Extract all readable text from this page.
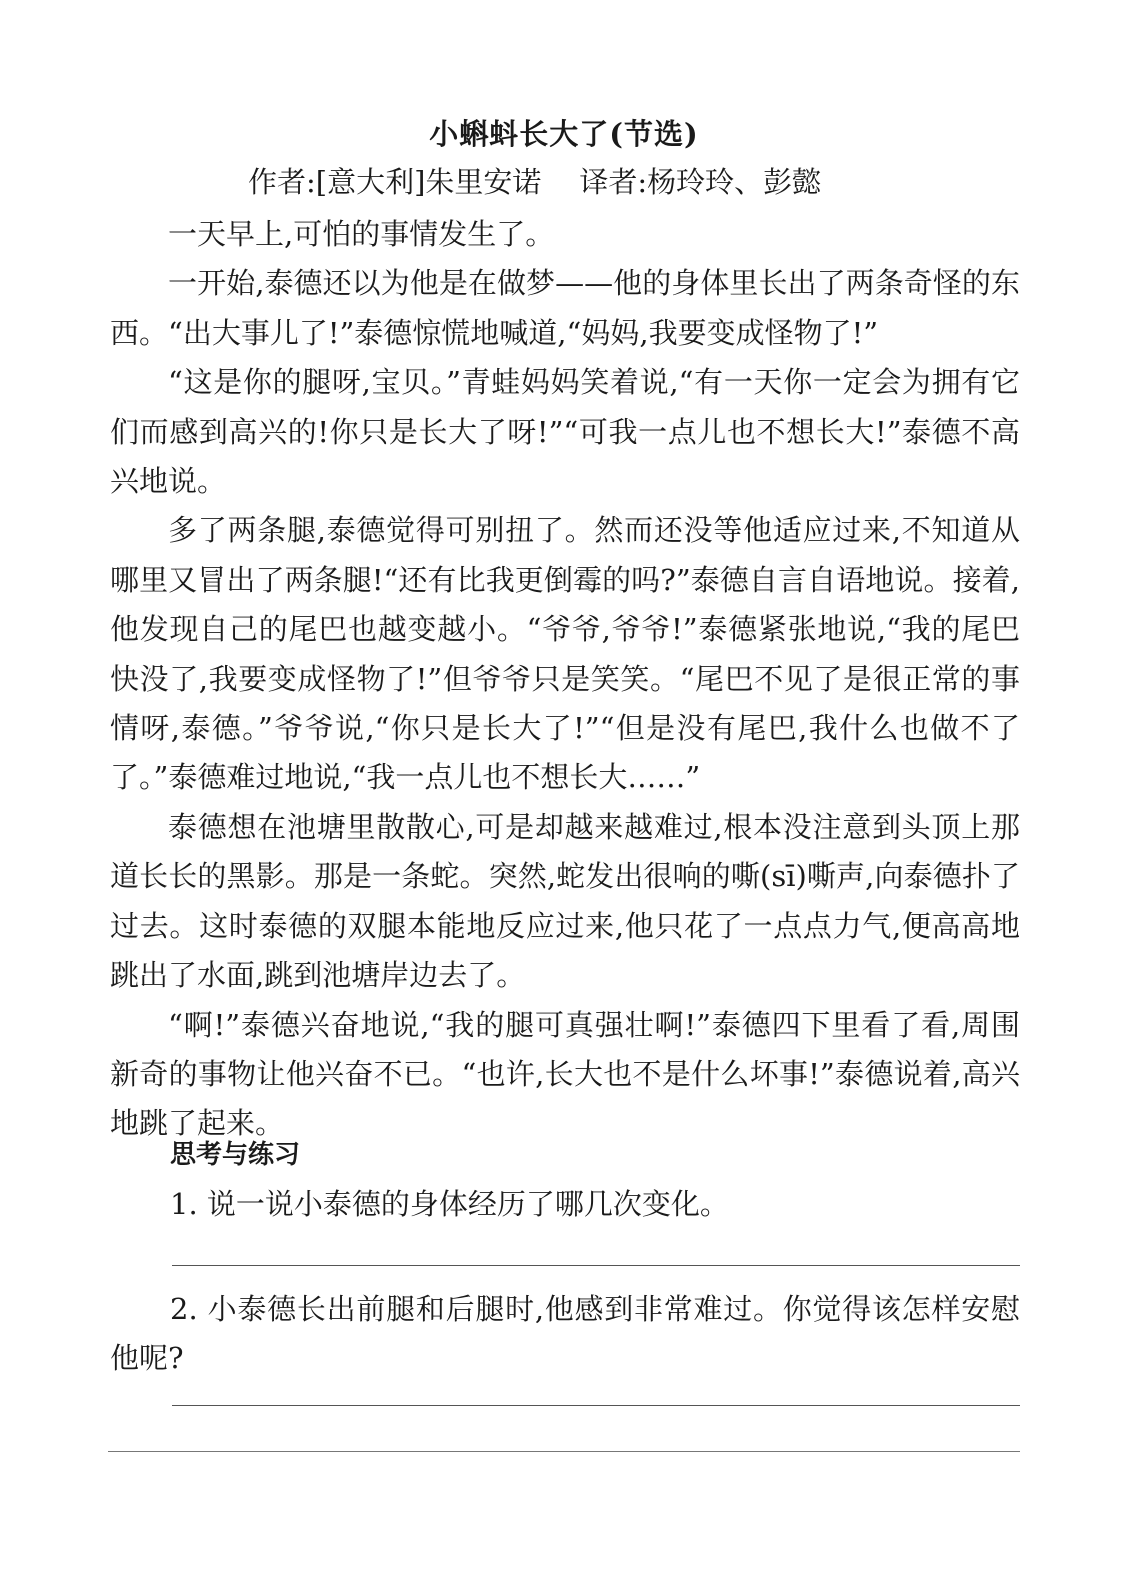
小蝌蚪长大了(节选)
作者:[意大利]朱里安诺 译者:杨玲玲、彭懿

一天早上,可怕的事情发生了。

一开始,泰德还以为他是在做梦——他的身体里长出了两条奇怪的东西。“出大事儿了!”泰德惊慌地喊道,“妈妈,我要变成怪物了!”

“这是你的腿呀,宝贝。”青蛙妈妈笑着说,“有一天你一定会为拥有它们而感到高兴的!你只是长大了呀!”“可我一点儿也不想长大!”泰德不高兴地说。

多了两条腿,泰德觉得可别扭了。然而还没等他适应过来,不知道从哪里又冒出了两条腿!“还有比我更倒霉的吗?”泰德自言自语地说。接着,他发现自己的尾巴也越变越小。“爷爷,爷爷!”泰德紧张地说,“我的尾巴快没了,我要变成怪物了!”但爷爷只是笑笑。“尾巴不见了是很正常的事情呀,泰德。”爷爷说,“你只是长大了!”“但是没有尾巴,我什么也做不了了。”泰德难过地说,“我一点儿也不想长大……”

泰德想在池塘里散散心,可是却越来越难过,根本没注意到头顶上那道长长的黑影。那是一条蛇。突然,蛇发出很响的嘶(sī)嘶声,向泰德扑了过去。这时泰德的双腿本能地反应过来,他只花了一点点力气,便高高地跳出了水面,跳到池塘岸边去了。

“啊!”泰德兴奋地说,“我的腿可真强壮啊!”泰德四下里看了看,周围新奇的事物让他兴奋不已。“也许,长大也不是什么坏事!”泰德说着,高兴地跳了起来。

思考与练习
1. 说一说小泰德的身体经历了哪几次变化。
2. 小泰德长出前腿和后腿时,他感到非常难过。你觉得该怎样安慰他呢?
